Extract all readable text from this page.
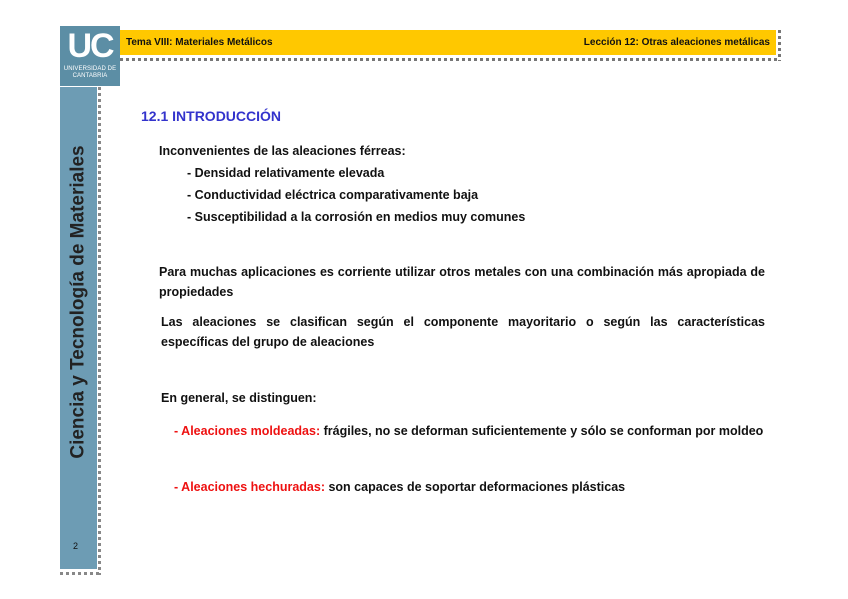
UC
UNIVERSIDAD DE CANTABRIA
Tema VIII: Materiales Metálicos	Lección 12: Otras aleaciones metálicas
Ciencia y Tecnología de Materiales
2
12.1 INTRODUCCIÓN
Inconvenientes de las aleaciones férreas:
- Densidad relativamente elevada
- Conductividad eléctrica comparativamente baja
- Susceptibilidad a la corrosión en medios muy comunes
Para muchas aplicaciones es corriente utilizar otros metales con una combinación más apropiada de propiedades
Las aleaciones se clasifican según el componente mayoritario o según las características específicas del grupo de aleaciones
En general, se distinguen:
- Aleaciones moldeadas: frágiles, no se deforman suficientemente y sólo se conforman por moldeo
- Aleaciones hechuradas: son capaces de soportar deformaciones plásticas
